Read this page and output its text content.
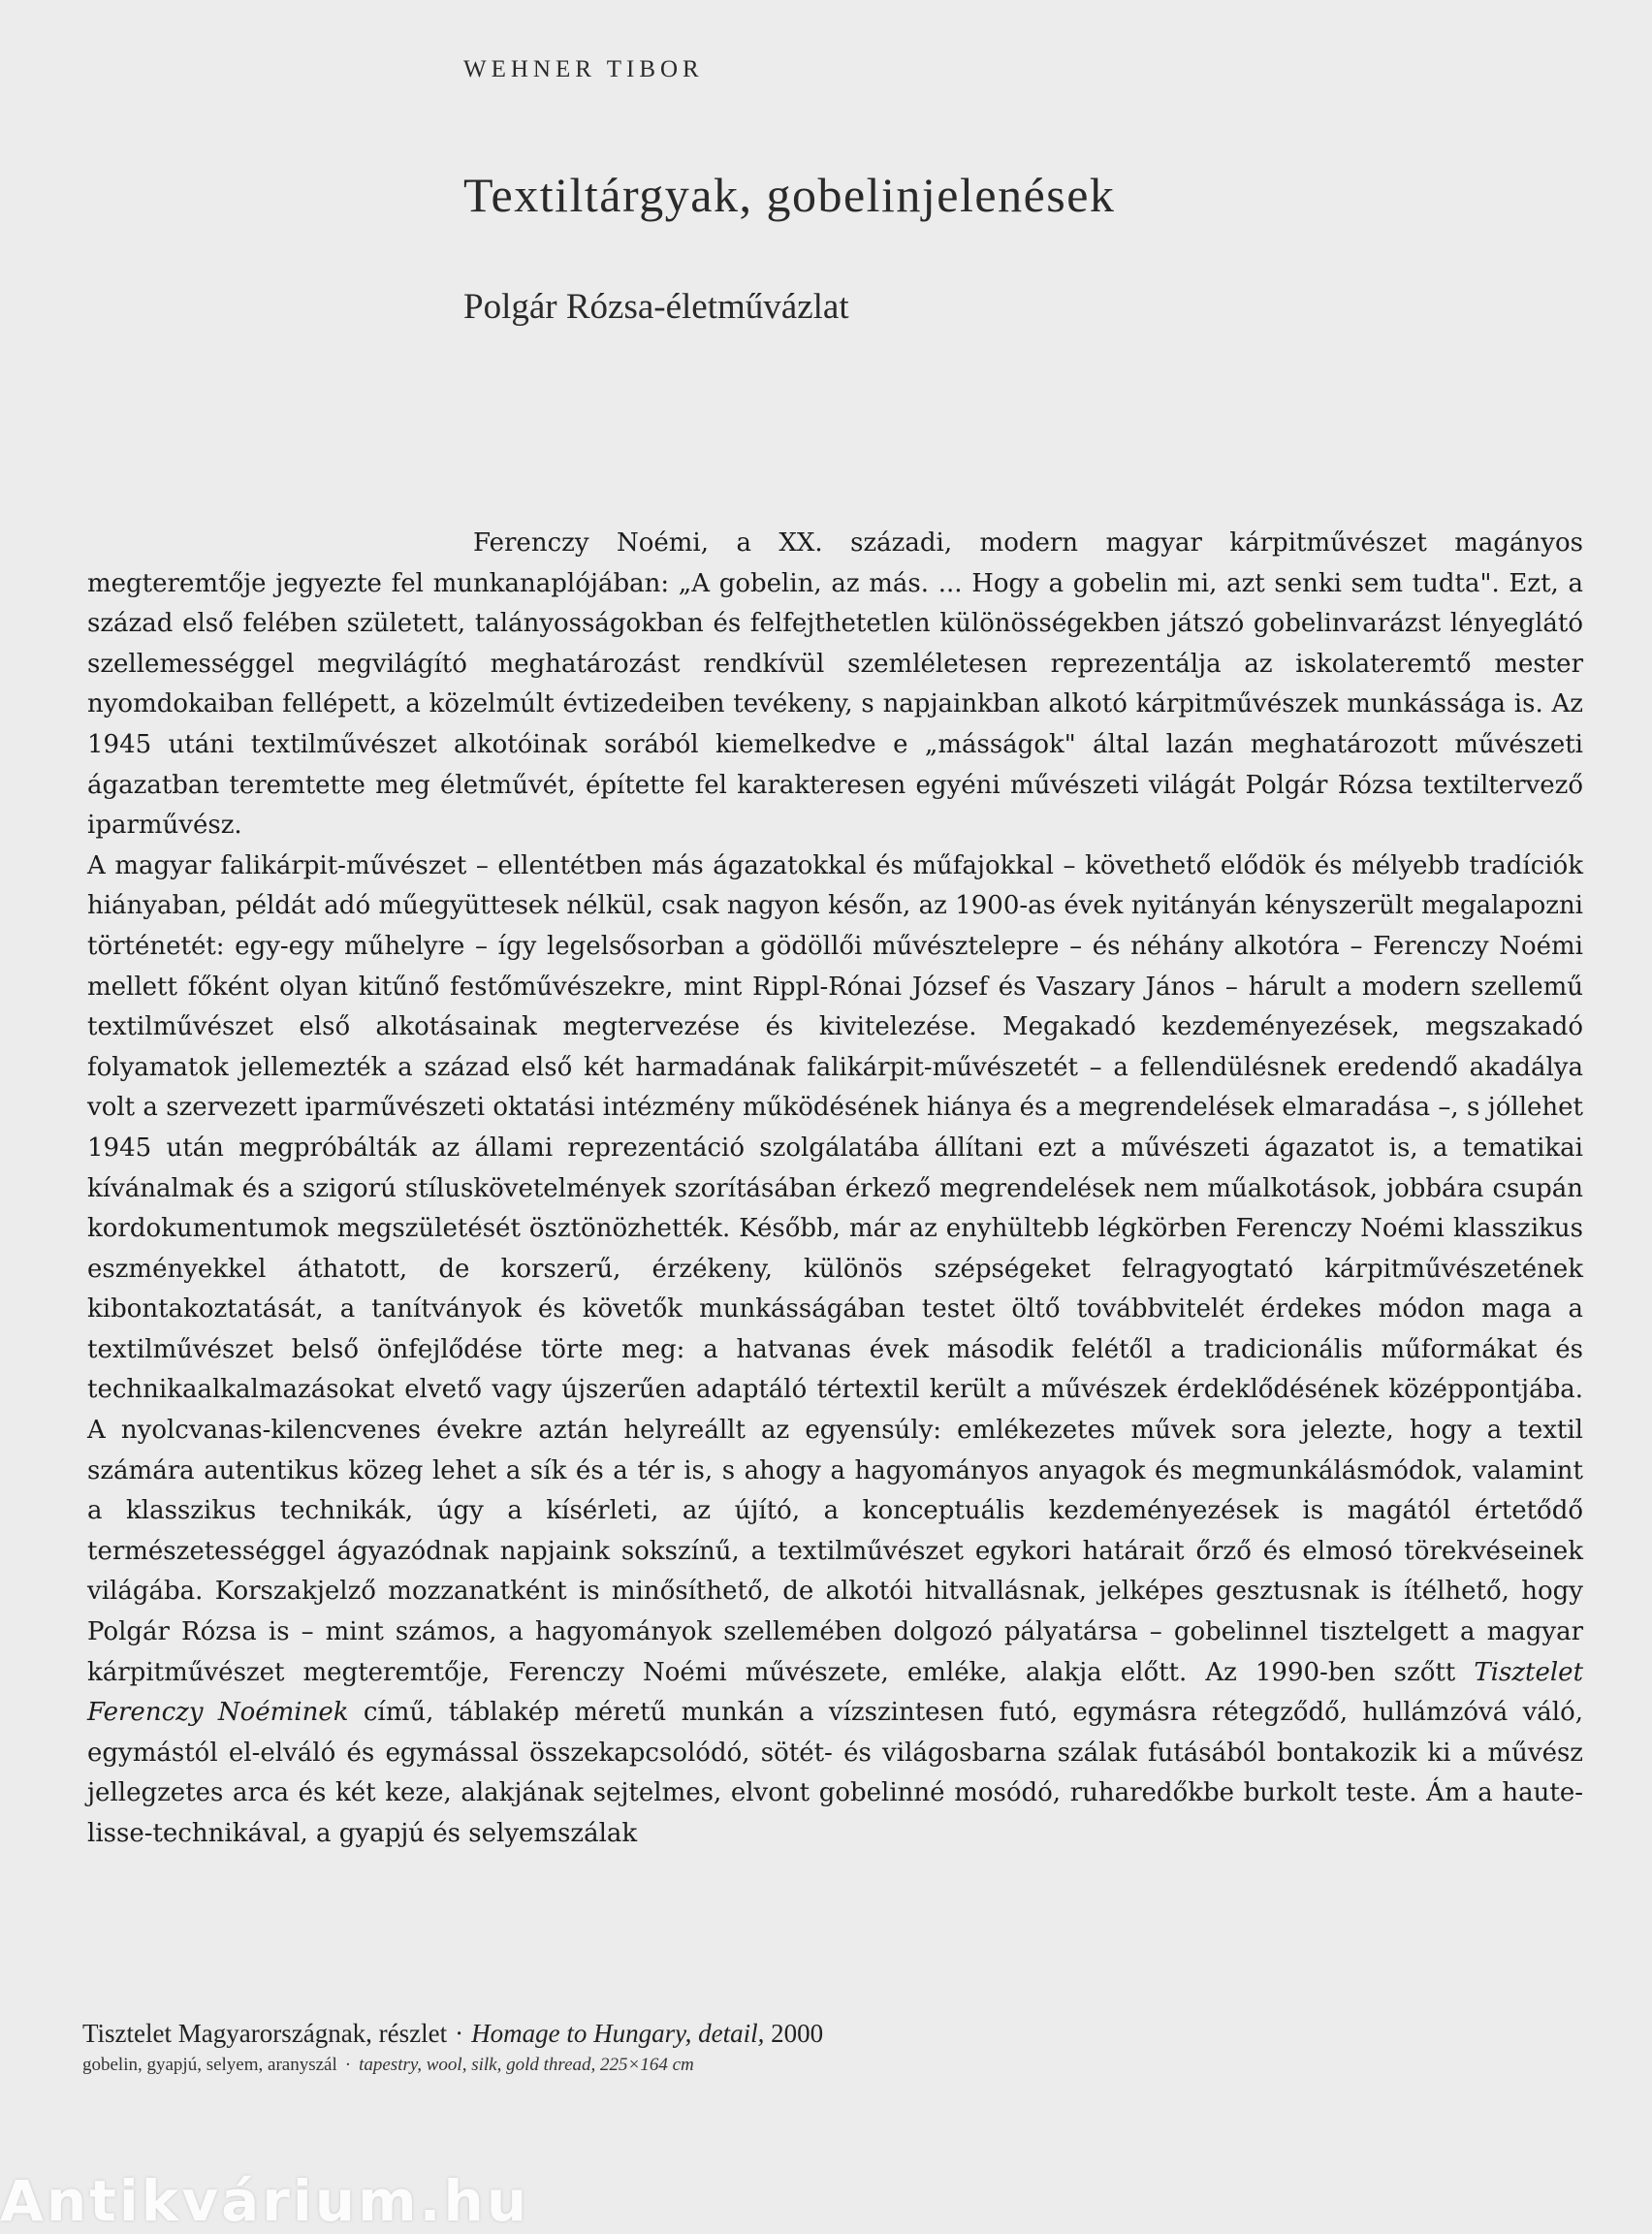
WEHNER TIBOR
Textiltárgyak, gobelinjelenések
Polgár Rózsa-életművázlat

Ferenczy Noémi, a XX. századi, modern magyar kárpitművészet magányos megteremtője jegyezte fel munkanaplójában: „A gobelin, az más. ... Hogy a gobelin mi, azt senki sem tudta". Ezt, a század első felében született, talányosságokban és felfejthetetlen különösségekben játszó gobelinvarázst lényeglátó szellemességgel megvilágító meghatározást rendkívül szemléletesen reprezentálja az iskolateremtő mester nyomdokaiban fellépett, a közelmúlt évtizedeiben tevékeny, s napjainkban alkotó kárpitművészek munkássága is. Az 1945 utáni textilművészet alkotóinak sorából kiemelkedve e „másságok" által lazán meghatározott művészeti ágazatban teremtette meg életművét, építette fel karakteresen egyéni művészeti világát Polgár Rózsa textiltervező iparművész.

A magyar falikárpit-művészet – ellentétben más ágazatokkal és műfajokkal – követhető elődök és mélyebb tradíciók hiányaban, példát adó műegyüttesek nélkül, csak nagyon későn, az 1900-as évek nyitányán kényszerült megalapozni történetét: egy-egy műhelyre – így legelsősorban a gödöllői művésztelepre – és néhány alkotóra – Ferenczy Noémi mellett főként olyan kitűnő festőművészekre, mint Rippl-Rónai József és Vaszary János – hárult a modern szellemű textilművészet első alkotásainak megtervezése és kivitelezése. Megakadó kezdeményezések, megszakadó folyamatok jellemezték a század első két harmadának falikárpit-művészetét – a fellendülésnek eredendő akadálya volt a szervezett iparművészeti oktatási intézmény működésének hiánya és a megrendelések elmaradása –, s jóllehet 1945 után megpróbálták az állami reprezentáció szolgálatába állítani ezt a művészeti ágazatot is, a tematikai kívánalmak és a szigorú stíluskövetelmények szorításában érkező megrendelések nem műalkotások, jobbára csupán kordokumentumok megszületését ösztönözhették. Később, már az enyhültebb légkörben Ferenczy Noémi klasszikus eszményekkel áthatott, de korszerű, érzékeny, különös szépségeket felragyogtató kárpitművészetének kibontakoztatását, a tanítványok és követők munkásságában testet öltő továbbvitelét érdekes módon maga a textilművészet belső önfejlődése törte meg: a hatvanas évek második felétől a tradicionális műformákat és technikaalkalmazásokat elvető vagy újszerűen adaptáló tértextil került a művészek érdeklődésének középpontjába. A nyolcvanas-kilencvenes évekre aztán helyreállt az egyensúly: emlékezetes művek sora jelezte, hogy a textil számára autentikus közeg lehet a sík és a tér is, s ahogy a hagyományos anyagok és megmunkálásmódok, valamint a klasszikus technikák, úgy a kísérleti, az újító, a konceptuális kezdeményezések is magától értetődő természetességgel ágyazódnak napjaink sokszínű, a textilművészet egykori határait őrző és elmosó törekvéseinek világába. Korszakjelző mozzanatként is minősíthető, de alkotói hitvallásnak, jelképes gesztusnak is ítélhető, hogy Polgár Rózsa is – mint számos, a hagyományok szellemében dolgozó pályatársa – gobelinnel tisztelgett a magyar kárpitművészet megteremtője, Ferenczy Noémi művészete, emléke, alakja előtt. Az 1990-ben szőtt Tisztelet Ferenczy Noéminek című, táblakép méretű munkán a vízszintesen futó, egymásra rétegződő, hullámzóvá váló, egymástól el-elváló és egymással összekapcsolódó, sötét- és világosbarna szálak futásából bontakozik ki a művész jellegzetes arca és két keze, alakjának sejtelmes, elvont gobelinné mosódó, ruharedőkbe burkolt teste. Ám a haute-lisse-technikával, a gyapjú és selyemszálak

Tisztelet Magyarországnak, részlet · Homage to Hungary, detail, 2000
gobelin, gyapjú, selyem, aranyszál · tapestry, wool, silk, gold thread, 225×164 cm
Antikvárium.hu
